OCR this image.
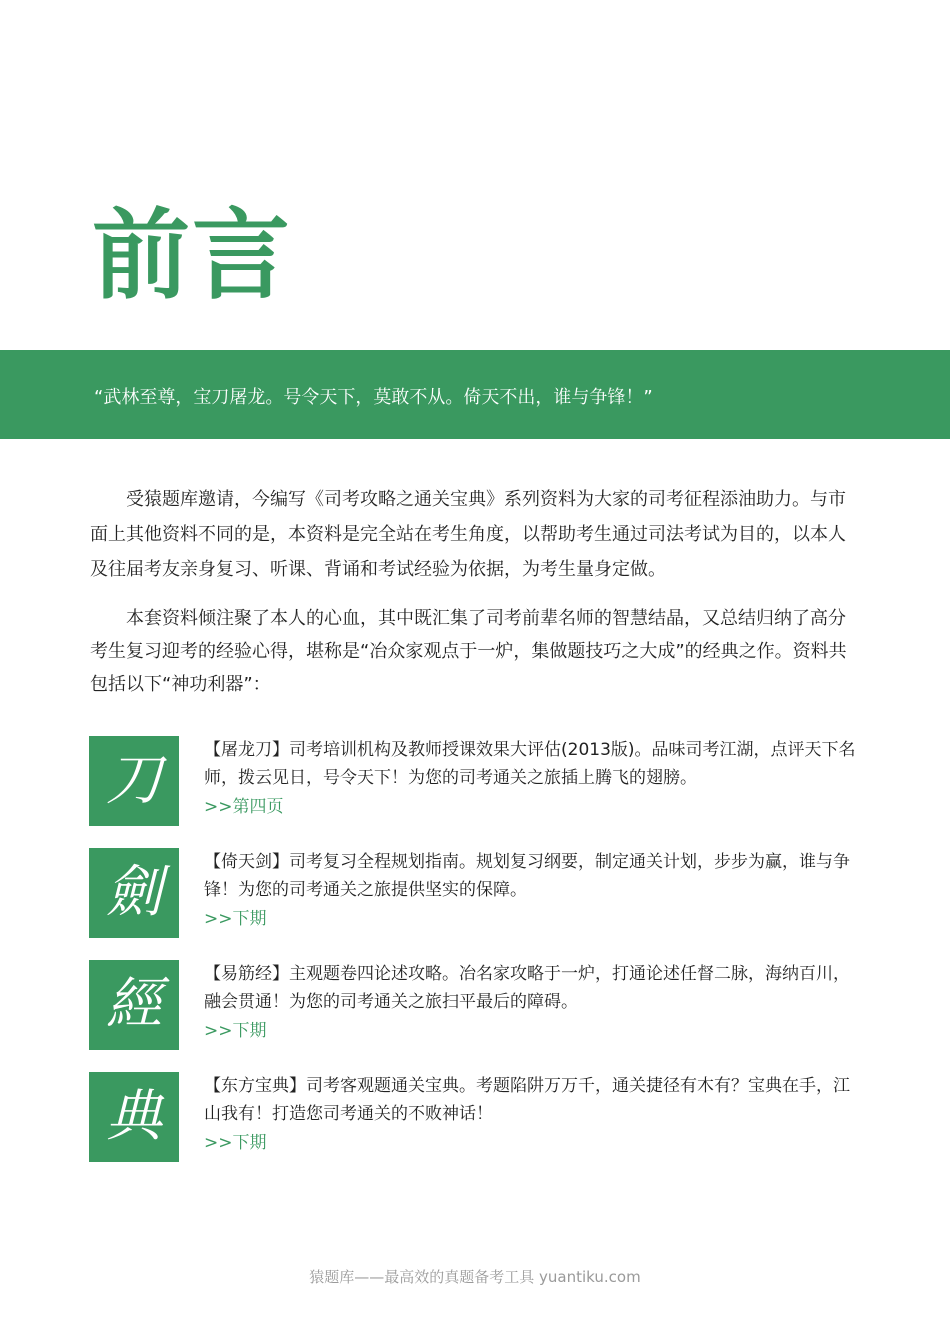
前言
“武林至尊，宝刀屠龙。号令天下，莫敢不从。倚天不出，谁与争锋！”

受猿题库邀请，今编写《司考攻略之通关宝典》系列资料为大家的司考征程添油助力。与市面上其他资料不同的是，本资料是完全站在考生角度，以帮助考生通过司法考试为目的，以本人及往届考友亲身复习、听课、背诵和考试经验为依据，为考生量身定做。

本套资料倾注聚了本人的心血，其中既汇集了司考前辈名师的智慧结晶，又总结归纳了高分考生复习迎考的经验心得，堪称是“冶众家观点于一炉，集做题技巧之大成”的经典之作。资料共包括以下“神功利器”：

刀	【屠龙刀】司考培训机构及教师授课效果大评估(2013版)。品味司考江湖，点评天下名师，拨云见日，号令天下！为您的司考通关之旅插上腾飞的翅膀。
>>第四页
劍	【倚天剑】司考复习全程规划指南。规划复习纲要，制定通关计划，步步为赢，谁与争锋！为您的司考通关之旅提供坚实的保障。
>>下期
經	【易筋经】主观题卷四论述攻略。冶名家攻略于一炉，打通论述任督二脉，海纳百川，融会贯通！为您的司考通关之旅扫平最后的障碍。
>>下期
典	【东方宝典】司考客观题通关宝典。考题陷阱万万千，通关捷径有木有？宝典在手，江山我有！打造您司考通关的不败神话！
>>下期
猿题库——最高效的真题备考工具 yuantiku.com
